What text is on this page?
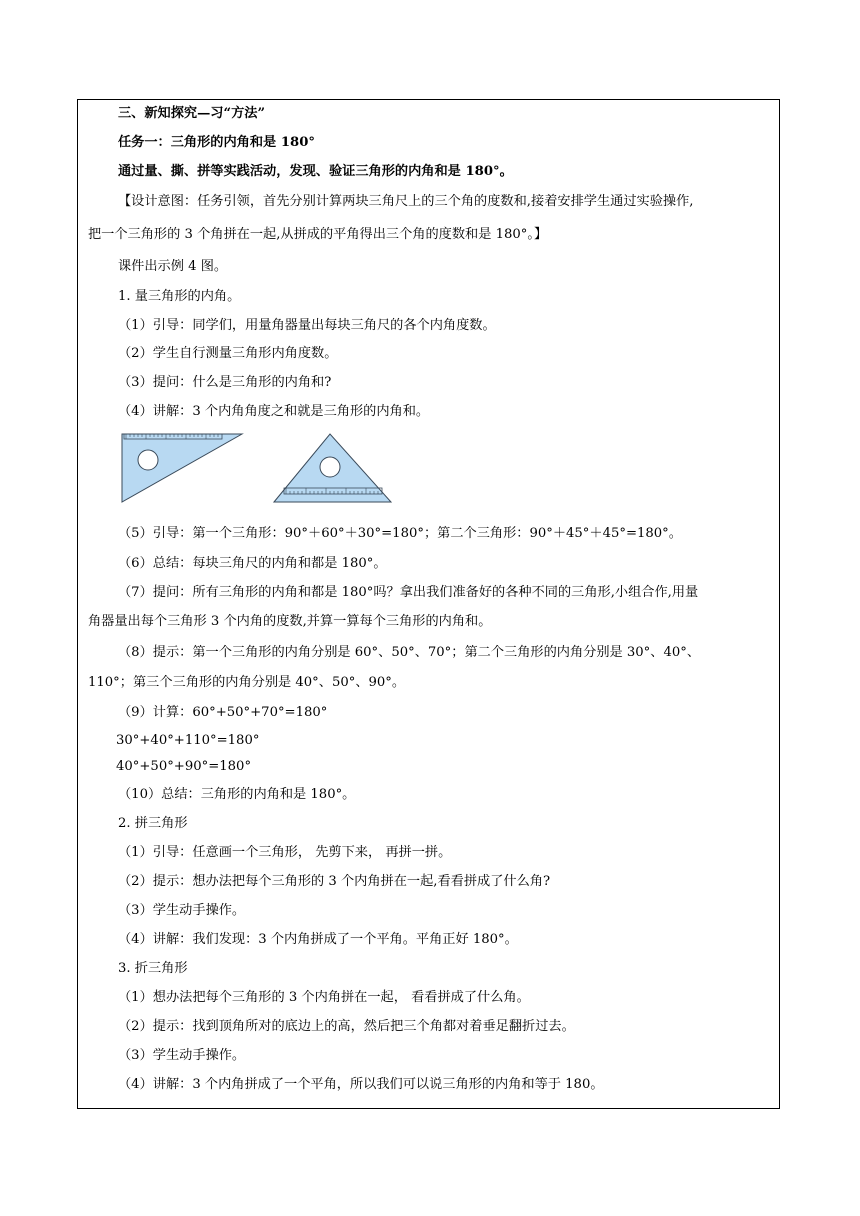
三、新知探究—习“方法”
任务一：三角形的内角和是 180°
通过量、撕、拼等实践活动，发现、验证三角形的内角和是 180°。
【设计意图：任务引领，首先分别计算两块三角尺上的三个角的度数和,接着安排学生通过实验操作,
把一个三角形的 3 个角拼在一起,从拼成的平角得出三个角的度数和是 180°。】
课件出示例 4 图。
1. 量三角形的内角。
（1）引导：同学们，用量角器量出每块三角尺的各个内角度数。
（2）学生自行测量三角形内角度数。
（3）提问：什么是三角形的内角和?
（4）讲解：3 个内角角度之和就是三角形的内角和。
（5）引导：第一个三角形：90°＋60°＋30°=180°；第二个三角形：90°＋45°＋45°=180°。
（6）总结：每块三角尺的内角和都是 180°。
（7）提问：所有三角形的内角和都是 180°吗？拿出我们准备好的各种不同的三角形,小组合作,用量
角器量出每个三角形 3 个内角的度数,并算一算每个三角形的内角和。
（8）提示：第一个三角形的内角分别是 60°、50°、70°；第二个三角形的内角分别是 30°、40°、
110°；第三个三角形的内角分别是 40°、50°、90°。
（9）计算：60°+50°+70°=180°
30°+40°+110°=180°
40°+50°+90°=180°
（10）总结：三角形的内角和是 180°。
2. 拼三角形
（1）引导：任意画一个三角形， 先剪下来， 再拼一拼。
（2）提示：想办法把每个三角形的 3 个内角拼在一起,看看拼成了什么角?
（3）学生动手操作。
（4）讲解：我们发现：3 个内角拼成了一个平角。平角正好 180°。
3. 折三角形
（1）想办法把每个三角形的 3 个内角拼在一起， 看看拼成了什么角。
（2）提示：找到顶角所对的底边上的高，然后把三个角都对着垂足翻折过去。
（3）学生动手操作。
（4）讲解：3 个内角拼成了一个平角，所以我们可以说三角形的内角和等于 180。
